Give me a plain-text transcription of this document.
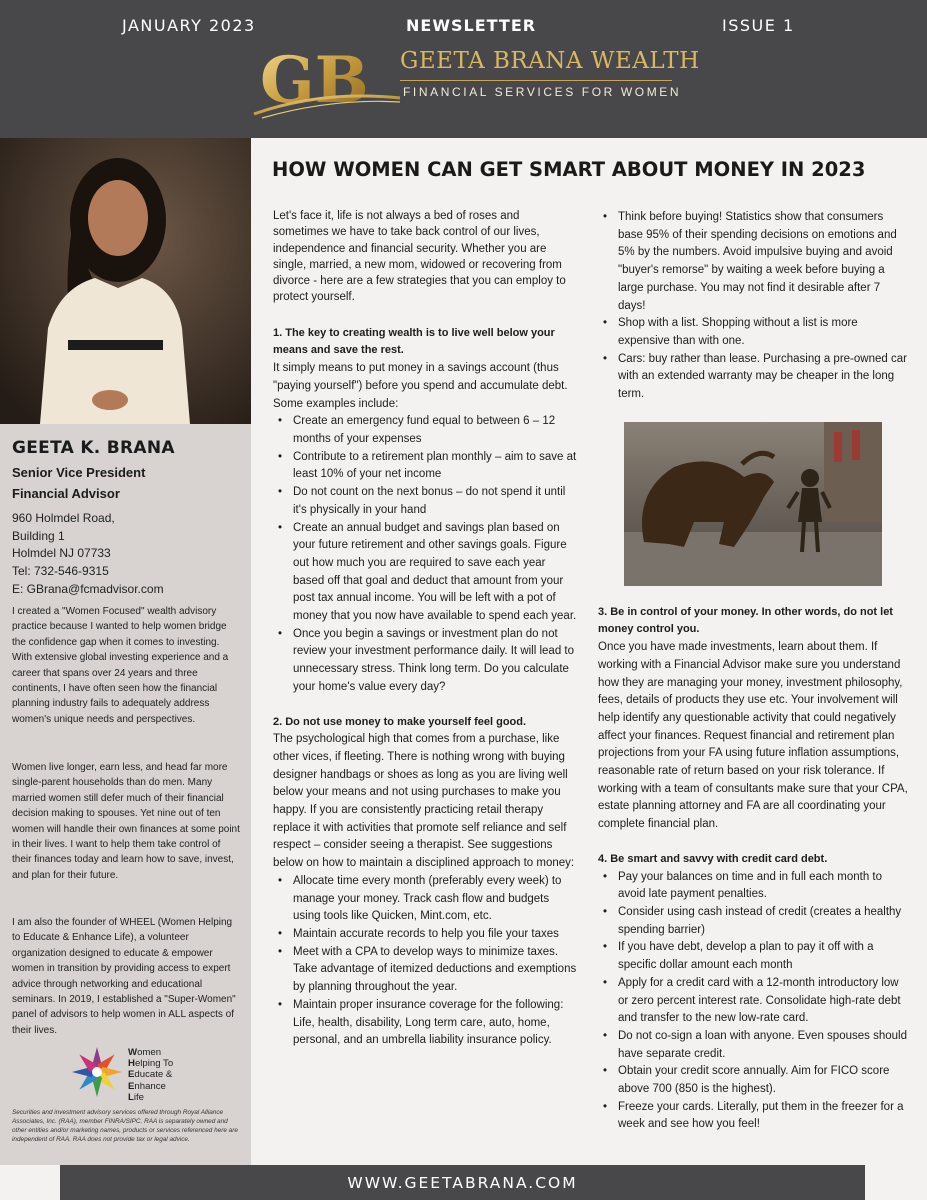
JANUARY 2023	NEWSLETTER	ISSUE 1
GB GEETA BRANA WEALTH
FINANCIAL SERVICES FOR WOMEN
GEETA K. BRANA
Senior Vice President
Financial Advisor
960 Holmdel Road,
Building 1
Holmdel NJ 07733
Tel: 732-546-9315
E: GBrana@fcmadvisor.com

I created a "Women Focused" wealth advisory practice because I wanted to help women bridge the confidence gap when it comes to investing. With extensive global investing experience and a career that spans over 24 years and three continents, I have often seen how the financial planning industry fails to adequately address women's unique needs and perspectives.

Women live longer, earn less, and head far more single-parent households than do men. Many married women still defer much of their financial decision making to spouses. Yet nine out of ten women will handle their own finances at some point in their lives. I want to help them take control of their finances today and learn how to save, invest, and plan for their future.

I am also the founder of WHEEL (Women Helping to Educate & Enhance Life), a volunteer organization designed to educate & empower women in transition by providing access to expert advice through networking and educational seminars. In 2019, I established a "Super-Women" panel of advisors to help women in ALL aspects of their lives.

Women
Helping To
Educate &
Enhance
Life

Securities and investment advisory services offered through Royal Alliance Associates, Inc. (RAA), member FINRA/SIPC. RAA is separately owned and other entities and/or marketing names, products or services referenced here are independent of RAA. RAA does not provide tax or legal advice.

HOW WOMEN CAN GET SMART ABOUT MONEY IN 2023

Let's face it, life is not always a bed of roses and sometimes we have to take back control of our lives, independence and financial security. Whether you are single, married, a new mom, widowed or recovering from divorce - here are a few strategies that you can employ to protect yourself.

1. The key to creating wealth is to live well below your means and save the rest.

It simply means to put money in a savings account (thus "paying yourself") before you spend and accumulate debt. Some examples include:

• Create an emergency fund equal to between 6 – 12 months of your expenses
• Contribute to a retirement plan monthly – aim to save at least 10% of your net income
• Do not count on the next bonus – do not spend it until it's physically in your hand
• Create an annual budget and savings plan based on your future retirement and other savings goals. Figure out how much you are required to save each year based off that goal and deduct that amount from your post tax annual income. You will be left with a pot of money that you now have available to spend each year.
• Once you begin a savings or investment plan do not review your investment performance daily. It will lead to unnecessary stress. Think long term. Do you calculate your home's value every day?

2. Do not use money to make yourself feel good.

The psychological high that comes from a purchase, like other vices, if fleeting. There is nothing wrong with buying designer handbags or shoes as long as you are living well below your means and not using purchases to make you happy. If you are consistently practicing retail therapy replace it with activities that promote self reliance and self respect – consider seeing a therapist. See suggestions below on how to maintain a disciplined approach to money:

• Allocate time every month (preferably every week) to manage your money. Track cash flow and budgets using tools like Quicken, Mint.com, etc.
• Maintain accurate records to help you file your taxes
• Meet with a CPA to develop ways to minimize taxes. Take advantage of itemized deductions and exemptions by planning throughout the year.
• Maintain proper insurance coverage for the following: Life, health, disability, Long term care, auto, home, personal, and an umbrella liability insurance policy.
• Think before buying! Statistics show that consumers base 95% of their spending decisions on emotions and 5% by the numbers. Avoid impulsive buying and avoid "buyer's remorse" by waiting a week before buying a large purchase. You may not find it desirable after 7 days!
• Shop with a list. Shopping without a list is more expensive than with one.
• Cars: buy rather than lease. Purchasing a pre-owned car with an extended warranty may be cheaper in the long term.

3. Be in control of your money. In other words, do not let money control you.

Once you have made investments, learn about them. If working with a Financial Advisor make sure you understand how they are managing your money, investment philosophy, fees, details of products they use etc. Your involvement will help identify any questionable activity that could negatively affect your finances. Request financial and retirement plan projections from your FA using future inflation assumptions, reasonable rate of return based on your risk tolerance. If working with a team of consultants make sure that your CPA, estate planning attorney and FA are all coordinating your complete financial plan.

4. Be smart and savvy with credit card debt.

• Pay your balances on time and in full each month to avoid late payment penalties.
• Consider using cash instead of credit (creates a healthy spending barrier)
• If you have debt, develop a plan to pay it off with a specific dollar amount each month
• Apply for a credit card with a 12-month introductory low or zero percent interest rate. Consolidate high-rate debt and transfer to the new low-rate card.
• Do not co-sign a loan with anyone. Even spouses should have separate credit.
• Obtain your credit score annually. Aim for FICO score above 700 (850 is the highest).
• Freeze your cards. Literally, put them in the freezer for a week and see how you feel!
WWW.GEETABRANA.COM
